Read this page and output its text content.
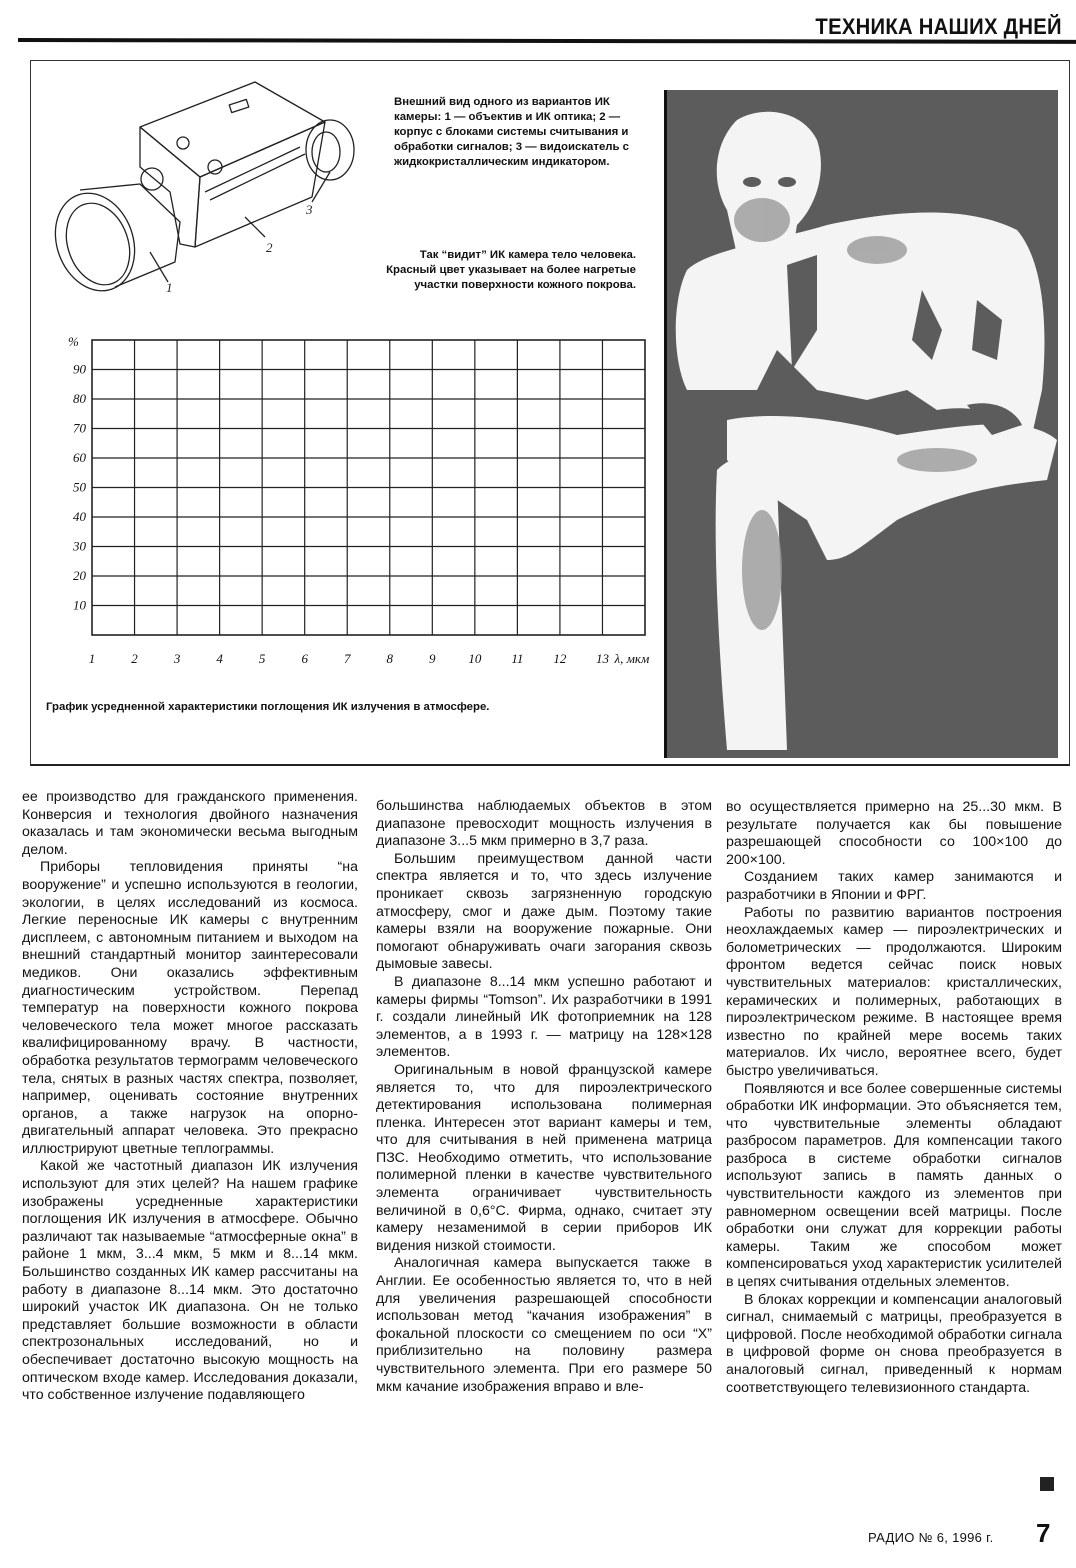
ТЕХНИКА НАШИХ ДНЕЙ
1
2
3
Внешний вид одного из вариантов ИК камеры: 1 — объектив и ИК оптика; 2 — корпус с блоками системы считывания и обработки сигналов; 3 — видоискатель с жидкокристаллическим индикатором.
Так “видит” ИК камера тело человека. Красный цвет указывает на более нагретые участки поверхности кожного покрова.
10
20
30
40
50
60
70
80
90
1	2	3	4	5	6	7	8	9	10 11 12 13
%
λ, мкм
График усредненной характеристики поглощения ИК излучения в атмосфере.

ее производство для гражданского применения. Конверсия и технология двойного назначения оказалась и там экономически весьма выгодным делом.

Приборы тепловидения приняты “на вооружение” и успешно используются в геологии, экологии, в целях исследований из космоса. Легкие переносные ИК камеры с внутренним дисплеем, с автономным питанием и выходом на внешний стандартный монитор заинтересовали медиков. Они оказались эффективным диагностическим устройством. Перепад температур на поверхности кожного покрова человеческого тела может многое рассказать квалифицированному врачу. В частности, обработка результатов термограмм человеческого тела, снятых в разных частях спектра, позволяет, например, оценивать состояние внутренних органов, а также нагрузок на опорно-двигательный аппарат человека. Это прекрасно иллюстрируют цветные теплограммы.

Какой же частотный диапазон ИК излучения используют для этих целей? На нашем графике изображены усредненные характеристики поглощения ИК излучения в атмосфере. Обычно различают так называемые “атмосферные окна” в районе 1 мкм, 3...4 мкм, 5 мкм и 8...14 мкм. Большинство созданных ИК камер рассчитаны на работу в диапазоне 8...14 мкм. Это достаточно широкий участок ИК диапазона. Он не только представляет большие возможности в области спектрозональных исследований, но и обеспечивает достаточно высокую мощность на оптическом входе камер. Исследования доказали, что собственное излучение подавляющего

большинства наблюдаемых объектов в этом диапазоне превосходит мощность излучения в диапазоне 3...5 мкм примерно в 3,7 раза.

Большим преимуществом данной части спектра является и то, что здесь излучение проникает сквозь загрязненную городскую атмосферу, смог и даже дым. Поэтому такие камеры взяли на вооружение пожарные. Они помогают обнаруживать очаги загорания сквозь дымовые завесы.

В диапазоне 8...14 мкм успешно работают и камеры фирмы “Tomson”. Их разработчики в 1991 г. создали линейный ИК фотоприемник на 128 элементов, а в 1993 г. — матрицу на 128×128 элементов.

Оригинальным в новой французской камере является то, что для пироэлектрического детектирования использована полимерная пленка. Интересен этот вариант камеры и тем, что для считывания в ней применена матрица ПЗС. Необходимо отметить, что использование полимерной пленки в качестве чувствительного элемента ограничивает чувствительность величиной в 0,6°С. Фирма, однако, считает эту камеру незаменимой в серии приборов ИК видения низкой стоимости.

Аналогичная камера выпускается также в Англии. Ее особенностью является то, что в ней для увеличения разрешающей способности использован метод “качания изображения” в фокальной плоскости со смещением по оси “X” приблизительно на половину размера чувствительного элемента. При его размере 50 мкм качание изображения вправо и вле-

во осуществляется примерно на 25...30 мкм. В результате получается как бы повышение разрешающей способности со 100×100 до 200×100.

Созданием таких камер занимаются и разработчики в Японии и ФРГ.

Работы по развитию вариантов построения неохлаждаемых камер — пироэлектрических и болометрических — продолжаются. Широким фронтом ведется сейчас поиск новых чувствительных материалов: кристаллических, керамических и полимерных, работающих в пироэлектрическом режиме. В настоящее время известно по крайней мере восемь таких материалов. Их число, вероятнее всего, будет быстро увеличиваться.

Появляются и все более совершенные системы обработки ИК информации. Это объясняется тем, что чувствительные элементы обладают разбросом параметров. Для компенсации такого разброса в системе обработки сигналов используют запись в память данных о чувствительности каждого из элементов при равномерном освещении всей матрицы. После обработки они служат для коррекции работы камеры. Таким же способом может компенсироваться уход характеристик усилителей в цепях считывания отдельных элементов.

В блоках коррекции и компенсации аналоговый сигнал, снимаемый с матрицы, преобразуется в цифровой. После необходимой обработки сигнала в цифровой форме он снова преобразуется в аналоговый сигнал, приведенный к нормам соответствующего телевизионного стандарта.

РАДИО № 6, 1996 г. 7
